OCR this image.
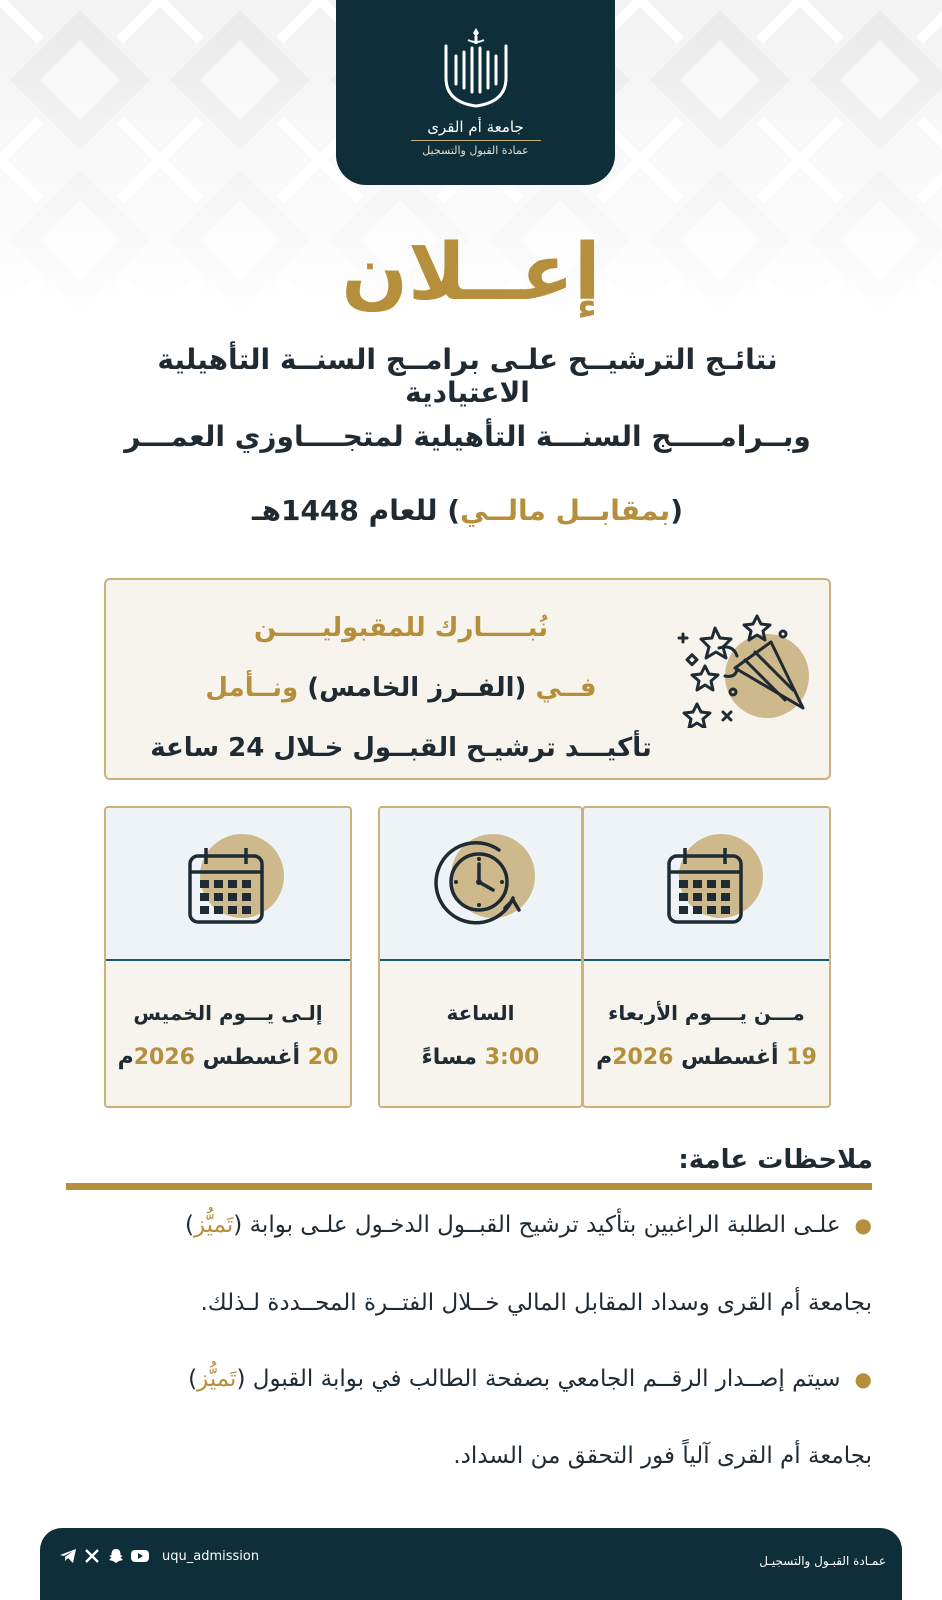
جامعة أم القرى
عمادة القبول والتسجيل
إعــلان
نتائـج الترشيــح علـى برامــج السنــة التأهيلية الاعتيادية
وبــرامـــــج السنـــة التأهيلية لمتجــــاوزي العمـــر
(بمقابــل مالــي) للعام 1448هـ
نُبـــــارك للمقبوليـــــن
فــي (الفــرز الخامس) ونــأمل
تأكيـــد ترشيـح القبــول خـلال 24 ساعة
مـــن يــــوم الأربعاء
19 أغسطس 2026م
الساعة
3:00 مساءً
إلـى يـــوم الخميس
20 أغسطس 2026م
ملاحظات عامة:
●علـى الطلبة الراغبين بتأكيد ترشيح القبــول الدخـول علـى بوابة (تَميُّز)
بجامعة أم القرى وسداد المقابل المالي خــلال الفتــرة المحــددة لـذلك.
●سيتم إصــدار الرقــم الجامعي بصفحة الطالب في بوابة القبول (تَميُّز)
بجامعة أم القرى آلياً فور التحقق من السداد.
uqu_admission	عمـادة القبـول والتسجيـل
